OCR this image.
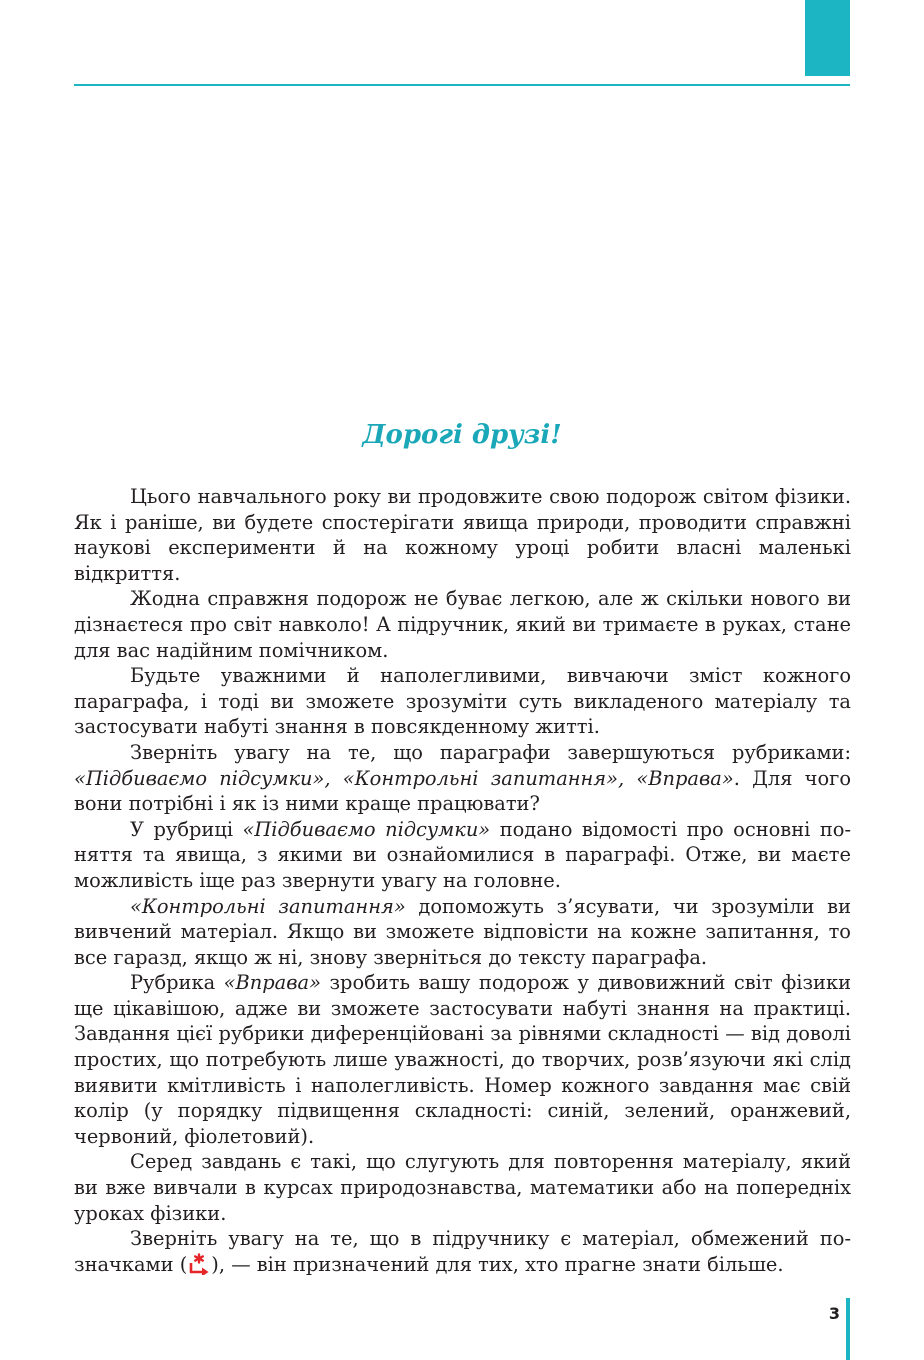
Дорогі друзі!

Цього навчального року ви продовжите свою подорож світом фізики. Як і раніше, ви будете спостерігати явища природи, проводити справжні наукові експерименти й на кожному уроці робити власні маленькі відкриття.

Жодна справжня подорож не буває легкою, але ж скільки нового ви дізнаєтеся про світ навколо! А підручник, який ви тримаєте в руках, стане для вас надійним помічником.

Будьте уважними й наполегливими, вивчаючи зміст кожного параграфа, і тоді ви зможете зрозуміти суть викладеного матеріалу та застосувати набуті знання в повсякденному житті.

Зверніть увагу на те, що параграфи завершуються рубриками: «Підбиваємо підсумки», «Контрольні запитання», «Вправа». Для чого вони потрібні і як із ними краще працювати?

У рубриці «Підбиваємо підсумки» подано відомості про основні поняття та явища, з якими ви ознайомилися в параграфі. Отже, ви маєте можливість іще раз звернути увагу на головне.

«Контрольні запитання» допоможуть з’ясувати, чи зрозуміли ви вивчений матеріал. Якщо ви зможете відповісти на кожне запитання, то все гаразд, якщо ж ні, знову зверніться до тексту параграфа.

Рубрика «Вправа» зробить вашу подорож у дивовижний світ фізики ще цікавішою, адже ви зможете застосувати набуті знання на практиці. Завдання цієї рубрики диференційовані за рівнями складності — від доволі простих, що потребують лише уважності, до творчих, розв’язуючи які слід виявити кмітливість і наполегливість. Номер кожного завдання має свій колір (у порядку підвищення складності: синій, зелений, оранжевий, червоний, фіолетовий).

Серед завдань є такі, що слугують для повторення матеріалу, який ви вже вивчали в курсах природознавства, математики або на попередніх уроках фізики.

Зверніть увагу на те, що в підручнику є матеріал, обмежений позначками ( ), — він призначений для тих, хто прагне знати більше.

3
